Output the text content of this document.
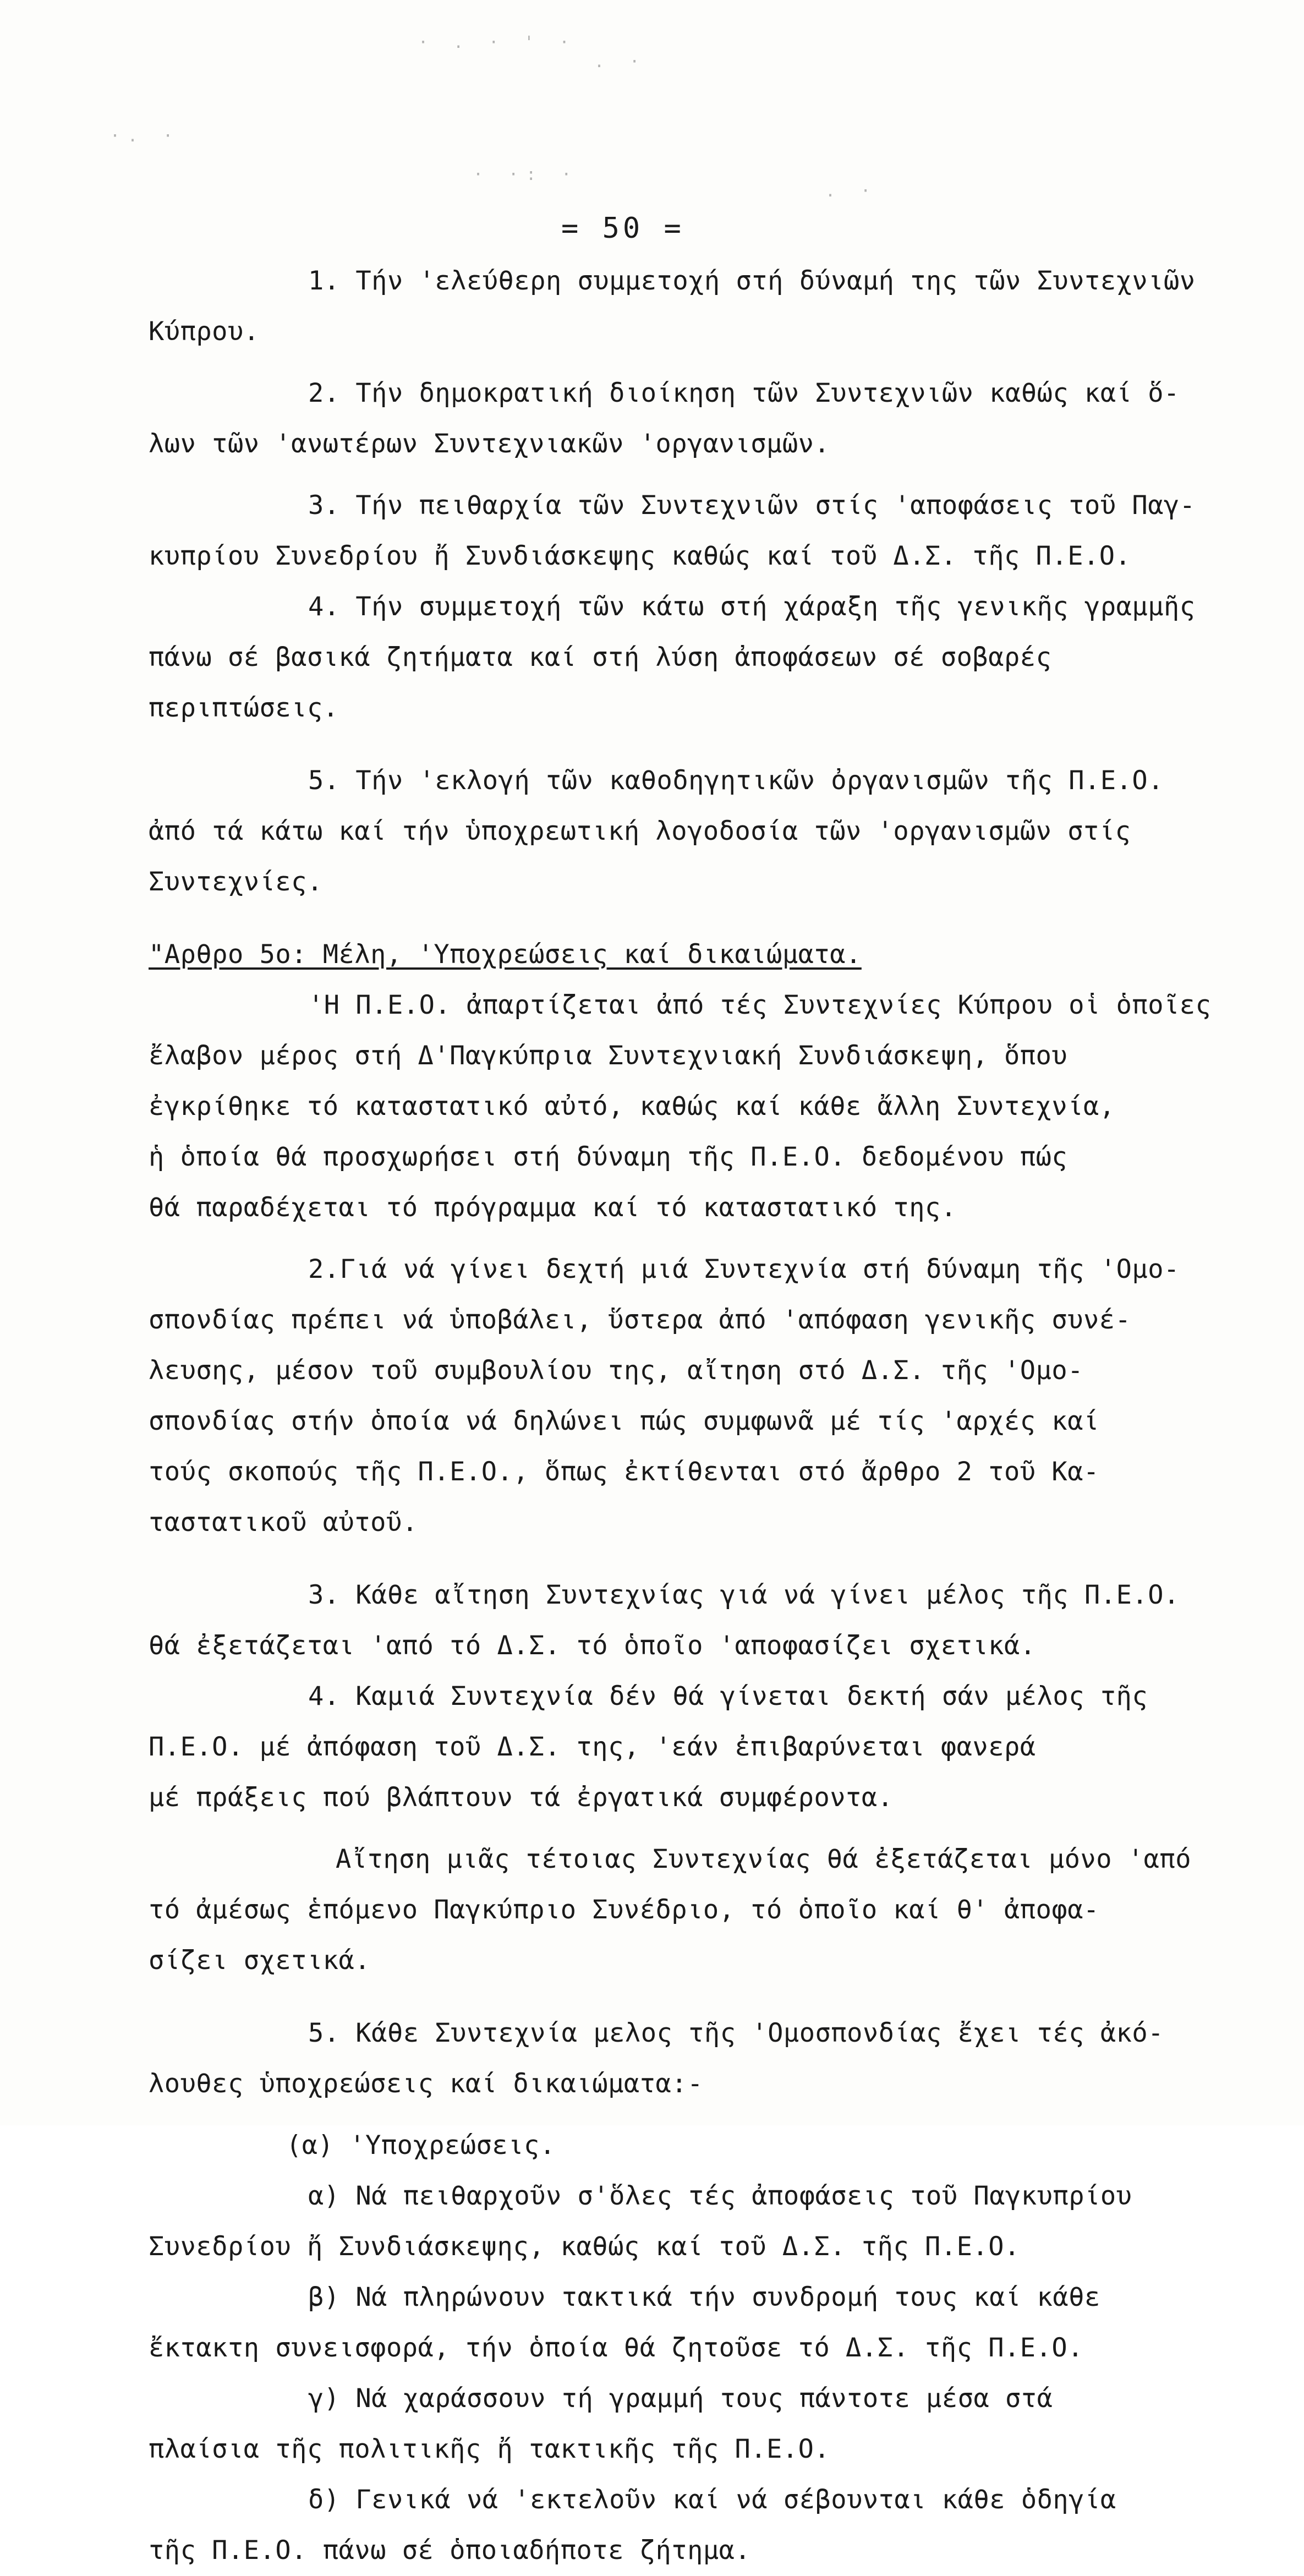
· . · ' ·
. ·
·. ·
· ·: ·
. ·
= 50 =
1. Τήν 'ελεύθερη συμμετοχή στή δύναμή της τῶν Συντεχνιῶν
Κύπρου.
2. Τήν δημοκρατική διοίκηση τῶν Συντεχνιῶν καθώς καί ὅ-
λων τῶν 'ανωτέρων Συντεχνιακῶν 'οργανισμῶν.
3. Τήν πειθαρχία τῶν Συντεχνιῶν στίς 'αποφάσεις τοῦ Παγ-
κυπρίου Συνεδρίου ἤ Συνδιάσκεψης καθώς καί τοῦ Δ.Σ. τῆς Π.Ε.Ο.
4. Τήν συμμετοχή τῶν κάτω στή χάραξη τῆς γενικῆς γραμμῆς
πάνω σέ βασικά ζητήματα καί στή λύση ἀποφάσεων σέ σοβαρές
περιπτώσεις.
5. Τήν 'εκλογή τῶν καθοδηγητικῶν ὀργανισμῶν τῆς Π.Ε.Ο.
ἀπό τά κάτω καί τήν ὑποχρεωτική λογοδοσία τῶν 'οργανισμῶν στίς
Συντεχνίες.
"Αρθρο 5ο: Μέλη, 'Υποχρεώσεις καί δικαιώματα.
'Η Π.Ε.Ο. ἀπαρτίζεται ἀπό τές Συντεχνίες Κύπρου οἱ ὁποῖες
ἔλαβον μέρος στή Δ'Παγκύπρια Συντεχνιακή Συνδιάσκεψη, ὅπου
ἐγκρίθηκε τό καταστατικό αὐτό, καθώς καί κάθε ἄλλη Συντεχνία,
ἡ ὁποία θά προσχωρήσει στή δύναμη τῆς Π.Ε.Ο. δεδομένου πώς
θά παραδέχεται τό πρόγραμμα καί τό καταστατικό της.
2.Γιά νά γίνει δεχτή μιά Συντεχνία στή δύναμη τῆς 'Ομο-
σπονδίας πρέπει νά ὑποβάλει, ὕστερα ἀπό 'απόφαση γενικῆς συνέ-
λευσης, μέσον τοῦ συμβουλίου της, αἴτηση στό Δ.Σ. τῆς 'Ομο-
σπονδίας στήν ὁποία νά δηλώνει πώς συμφωνᾶ μέ τίς 'αρχές καί
τούς σκοπούς τῆς Π.Ε.Ο., ὅπως ἐκτίθενται στό ἄρθρο 2 τοῦ Κα-
ταστατικοῦ αὐτοῦ.
3. Κάθε αἴτηση Συντεχνίας γιά νά γίνει μέλος τῆς Π.Ε.Ο.
θά ἐξετάζεται 'από τό Δ.Σ. τό ὁποῖο 'αποφασίζει σχετικά.
4. Καμιά Συντεχνία δέν θά γίνεται δεκτή σάν μέλος τῆς
Π.Ε.Ο. μέ ἀπόφαση τοῦ Δ.Σ. της, 'εάν ἐπιβαρύνεται φανερά
μέ πράξεις πού βλάπτουν τά ἐργατικά συμφέροντα.
Αἴτηση μιᾶς τέτοιας Συντεχνίας θά ἐξετάζεται μόνο 'από
τό ἀμέσως ἑπόμενο Παγκύπριο Συνέδριο, τό ὁποῖο καί θ' ἀποφα-
σίζει σχετικά.
5. Κάθε Συντεχνία μελος τῆς 'Ομοσπονδίας ἔχει τές ἀκό-
λουθες ὑποχρεώσεις καί δικαιώματα:-
(α) 'Υποχρεώσεις.
α) Νά πειθαρχοῦν σ'ὅλες τές ἀποφάσεις τοῦ Παγκυπρίου
Συνεδρίου ἤ Συνδιάσκεψης, καθώς καί τοῦ Δ.Σ. τῆς Π.Ε.Ο.
β) Νά πληρώνουν τακτικά τήν συνδρομή τους καί κάθε
ἔκτακτη συνεισφορά, τήν ὁποία θά ζητοῦσε τό Δ.Σ. τῆς Π.Ε.Ο.
γ) Νά χαράσσουν τή γραμμή τους πάντοτε μέσα στά
πλαίσια τῆς πολιτικῆς ἤ τακτικῆς τῆς Π.Ε.Ο.
δ) Γενικά νά 'εκτελοῦν καί νά σέβουνται κάθε ὁδηγία
τῆς Π.Ε.Ο. πάνω σέ ὁποιαδήποτε ζήτημα.
